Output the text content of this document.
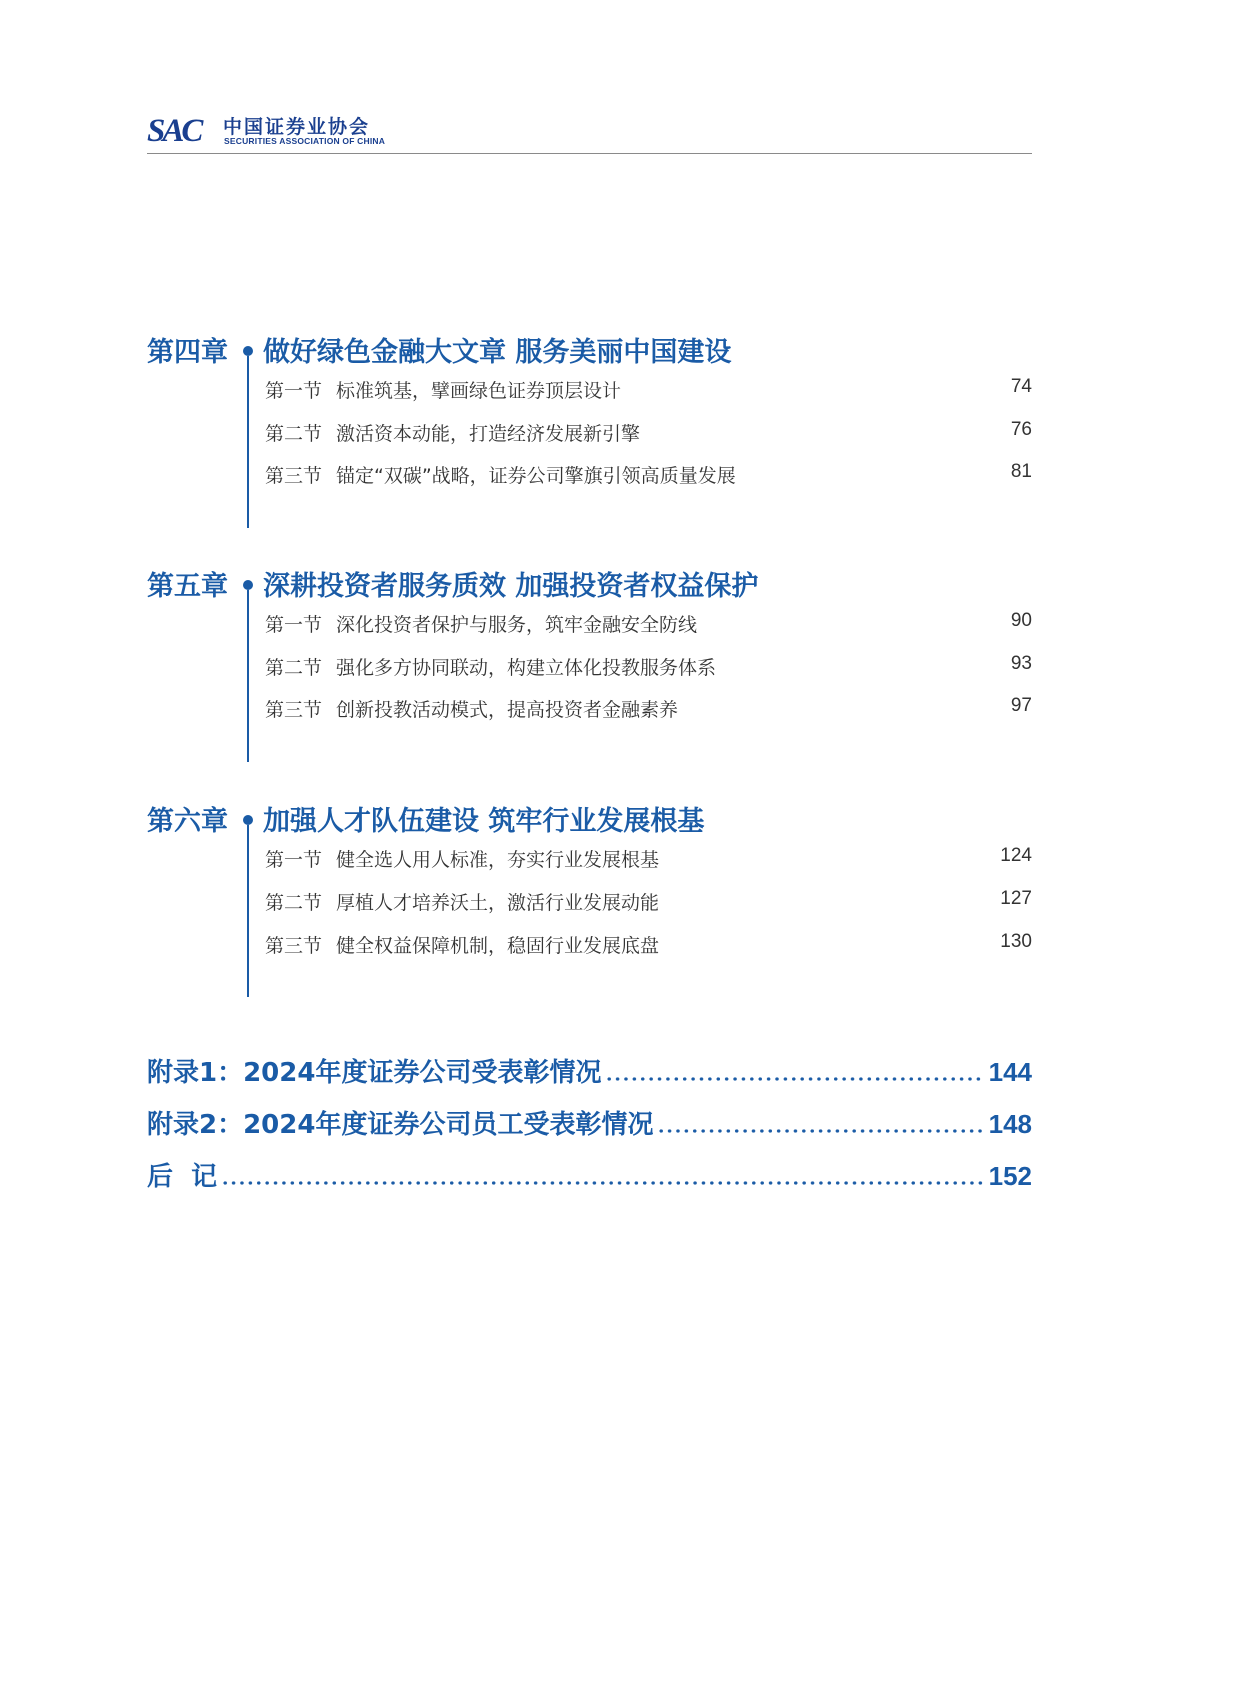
SAC 中国证券业协会
SECURITIES ASSOCIATION OF CHINA
第四章 做好绿色金融大文章 服务美丽中国建设
第一节 标准筑基，擘画绿色证券顶层设计	74
第二节 激活资本动能，打造经济发展新引擎	76
第三节 锚定“双碳”战略，证券公司擎旗引领高质量发展	81
第五章 深耕投资者服务质效 加强投资者权益保护
第一节 深化投资者保护与服务，筑牢金融安全防线	90
第二节 强化多方协同联动，构建立体化投教服务体系	93
第三节 创新投教活动模式，提高投资者金融素养	97
第六章 加强人才队伍建设 筑牢行业发展根基
第一节 健全选人用人标准，夯实行业发展根基	124
第二节 厚植人才培养沃土，激活行业发展动能	127
第三节 健全权益保障机制，稳固行业发展底盘	130
附录1：2024年度证券公司受表彰情况	144
附录2：2024年度证券公司员工受表彰情况	148
后  记	152
